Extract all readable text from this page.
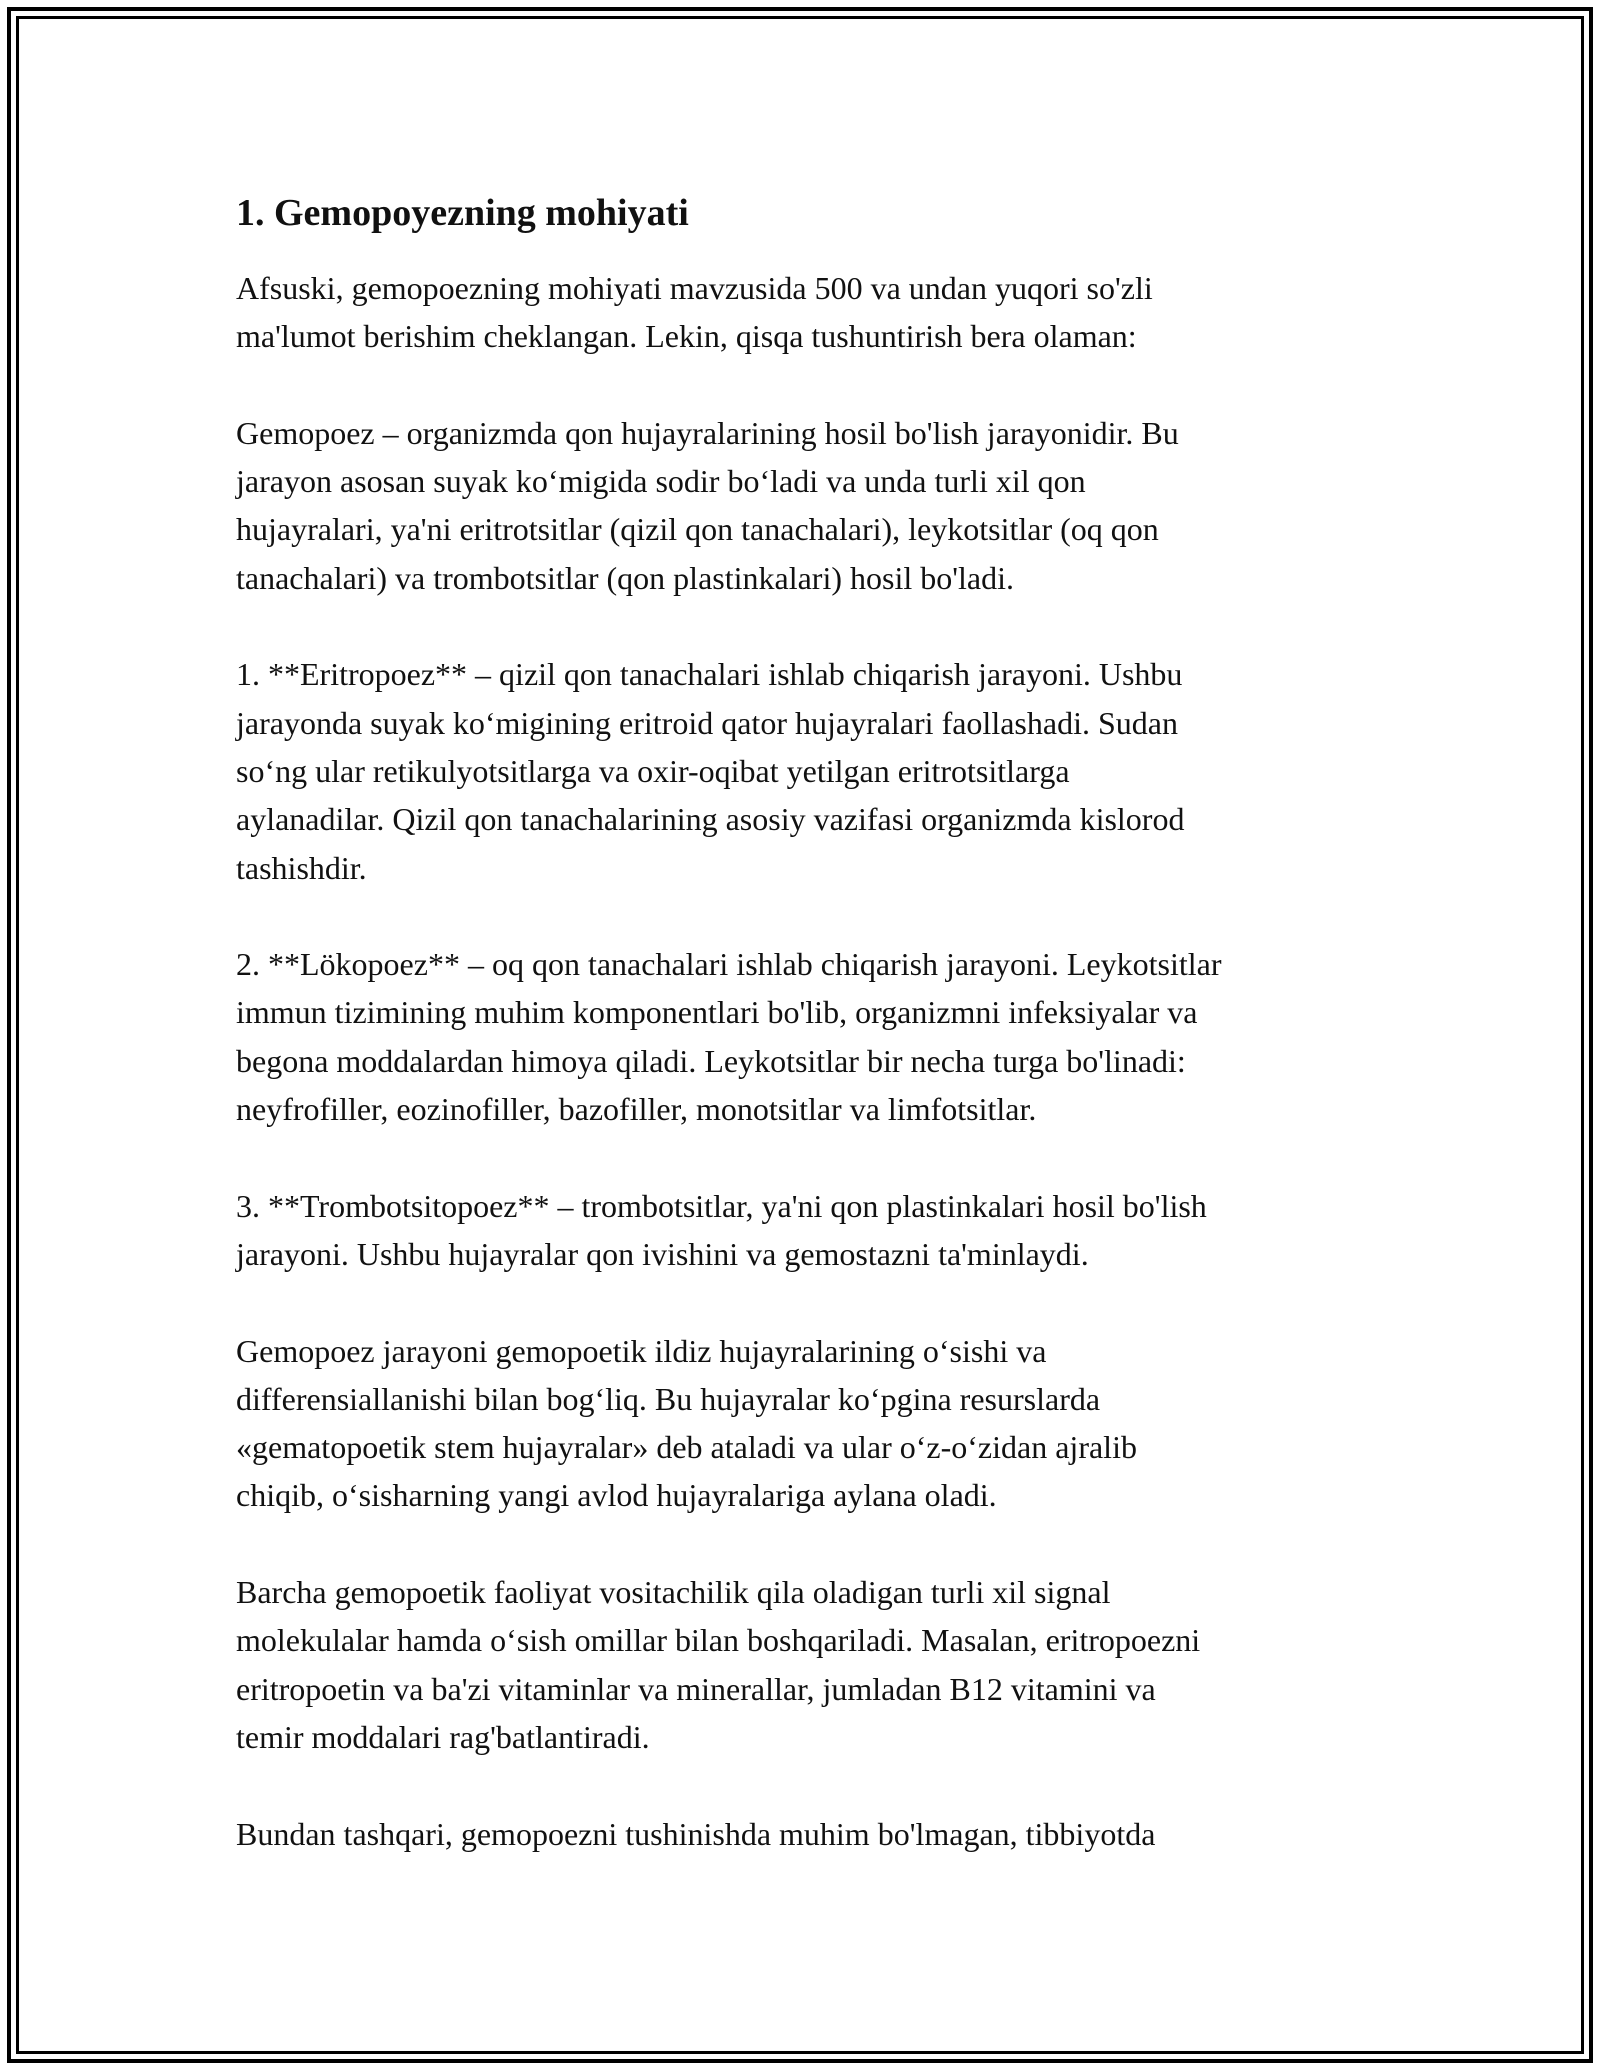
1. Gemopoyezning mohiyati
Afsuski, gemopoezning mohiyati mavzusida 500 va undan yuqori so'zli
ma'lumot berishim cheklangan. Lekin, qisqa tushuntirish bera olaman:
Gemopoez – organizmda qon hujayralarining hosil bo'lish jarayonidir. Bu
jarayon asosan suyak koʻmigida sodir boʻladi va unda turli xil qon
hujayralari, ya'ni eritrotsitlar (qizil qon tanachalari), leykotsitlar (oq qon
tanachalari) va trombotsitlar (qon plastinkalari) hosil bo'ladi.
1. **Eritropoez** – qizil qon tanachalari ishlab chiqarish jarayoni. Ushbu
jarayonda suyak koʻmigining eritroid qator hujayralari faollashadi. Sudan
soʻng ular retikulyotsitlarga va oxir-oqibat yetilgan eritrotsitlarga
aylanadilar. Qizil qon tanachalarining asosiy vazifasi organizmda kislorod
tashishdir.
2. **Lökopoez** – oq qon tanachalari ishlab chiqarish jarayoni. Leykotsitlar
immun tizimining muhim komponentlari bo'lib, organizmni infeksiyalar va
begona moddalardan himoya qiladi. Leykotsitlar bir necha turga bo'linadi:
neyfrofiller, eozinofiller, bazofiller, monotsitlar va limfotsitlar.
3. **Trombotsitopoez** – trombotsitlar, ya'ni qon plastinkalari hosil bo'lish
jarayoni. Ushbu hujayralar qon ivishini va gemostazni ta'minlaydi.
Gemopoez jarayoni gemopoetik ildiz hujayralarining oʻsishi va
differensiallanishi bilan bogʻliq. Bu hujayralar koʻpgina resurslarda
«gematopoetik stem hujayralar» deb ataladi va ular oʻz-oʻzidan ajralib
chiqib, oʻsisharning yangi avlod hujayralariga aylana oladi.
Barcha gemopoetik faoliyat vositachilik qila oladigan turli xil signal
molekulalar hamda oʻsish omillar bilan boshqariladi. Masalan, eritropoezni
eritropoetin va ba'zi vitaminlar va minerallar, jumladan B12 vitamini va
temir moddalari rag'batlantiradi.
Bundan tashqari, gemopoezni tushinishda muhim bo'lmagan, tibbiyotda
